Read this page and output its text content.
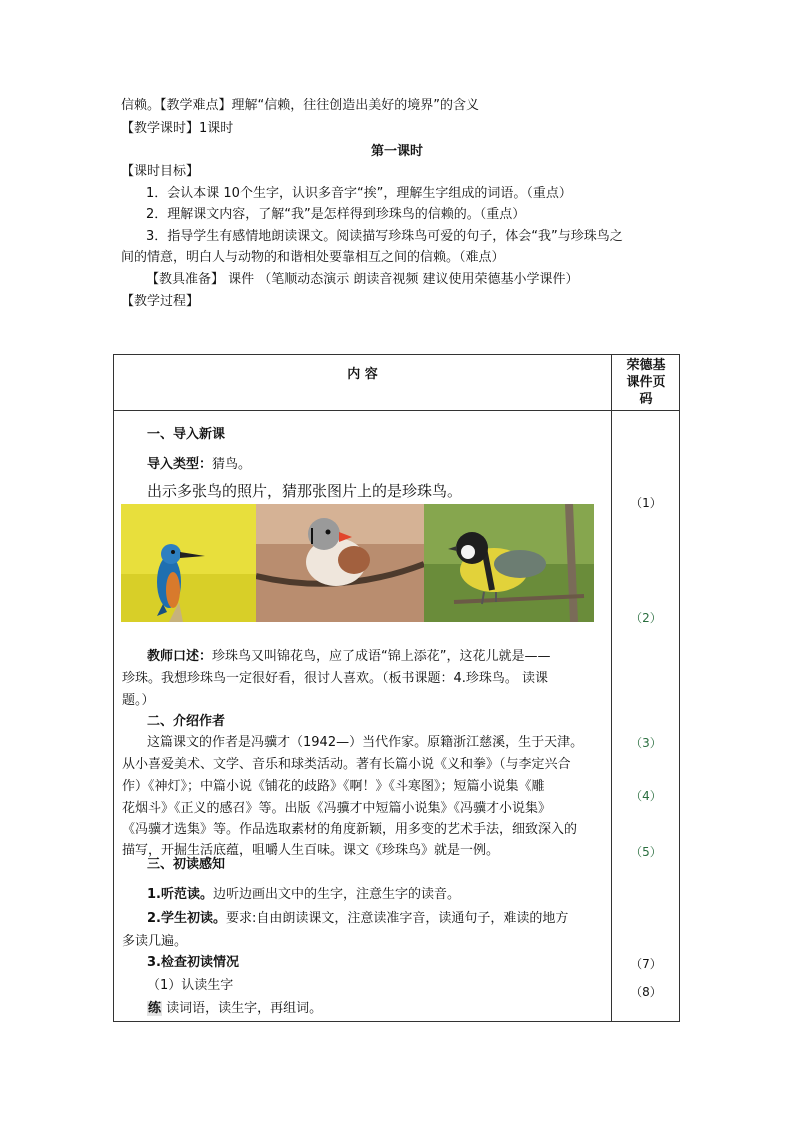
信赖。【教学难点】理解“信赖，往往创造出美好的境界”的含义
【教学课时】1课时
第一课时
【课时目标】
1．会认本课 10个生字，认识多音字“挨”，理解生字组成的词语。（重点）
2．理解课文内容，了解“我”是怎样得到珍珠鸟的信赖的。（重点）
3．指导学生有感情地朗读课文。阅读描写珍珠鸟可爱的句子，体会“我”与珍珠鸟之
间的情意，明白人与动物的和谐相处要靠相互之间的信赖。（难点）
【教具准备】 课件 （笔顺动态演示 朗读音视频 建议使用荣德基小学课件）
【教学过程】
内 容
荣德基
课件页
码
一、导入新课
导入类型：猜鸟。
出示多张鸟的照片，猜那张图片上的是珍珠鸟。
教师口述：珍珠鸟又叫锦花鸟，应了成语“锦上添花”，这花儿就是——
珍珠。我想珍珠鸟一定很好看，很讨人喜欢。（板书课题：4.珍珠鸟。 读课
题。）
二、介绍作者
这篇课文的作者是冯骥才（1942—）当代作家。原籍浙江慈溪，生于天津。
从小喜爱美术、文学、音乐和球类活动。著有长篇小说《义和拳》（与李定兴合
作）《神灯》；中篇小说《铺花的歧路》《啊！》《斗寒图》；短篇小说集《雕
花烟斗》《正义的感召》等。出版《冯骥才中短篇小说集》《冯骥才小说集》
《冯骥才选集》等。作品选取素材的角度新颖，用多变的艺术手法，细致深入的
描写，开掘生活底蕴，咀嚼人生百味。课文《珍珠鸟》就是一例。
三、初读感知
1.听范读。边听边画出文中的生字，注意生字的读音。
2.学生初读。要求:自由朗读课文，注意读准字音，读通句子，难读的地方
多读几遍。
3.检查初读情况
（1）认读生字
练 读词语，读生字，再组词。
（1）
（2）
（3）
（4）
（5）
（7）
（8）
